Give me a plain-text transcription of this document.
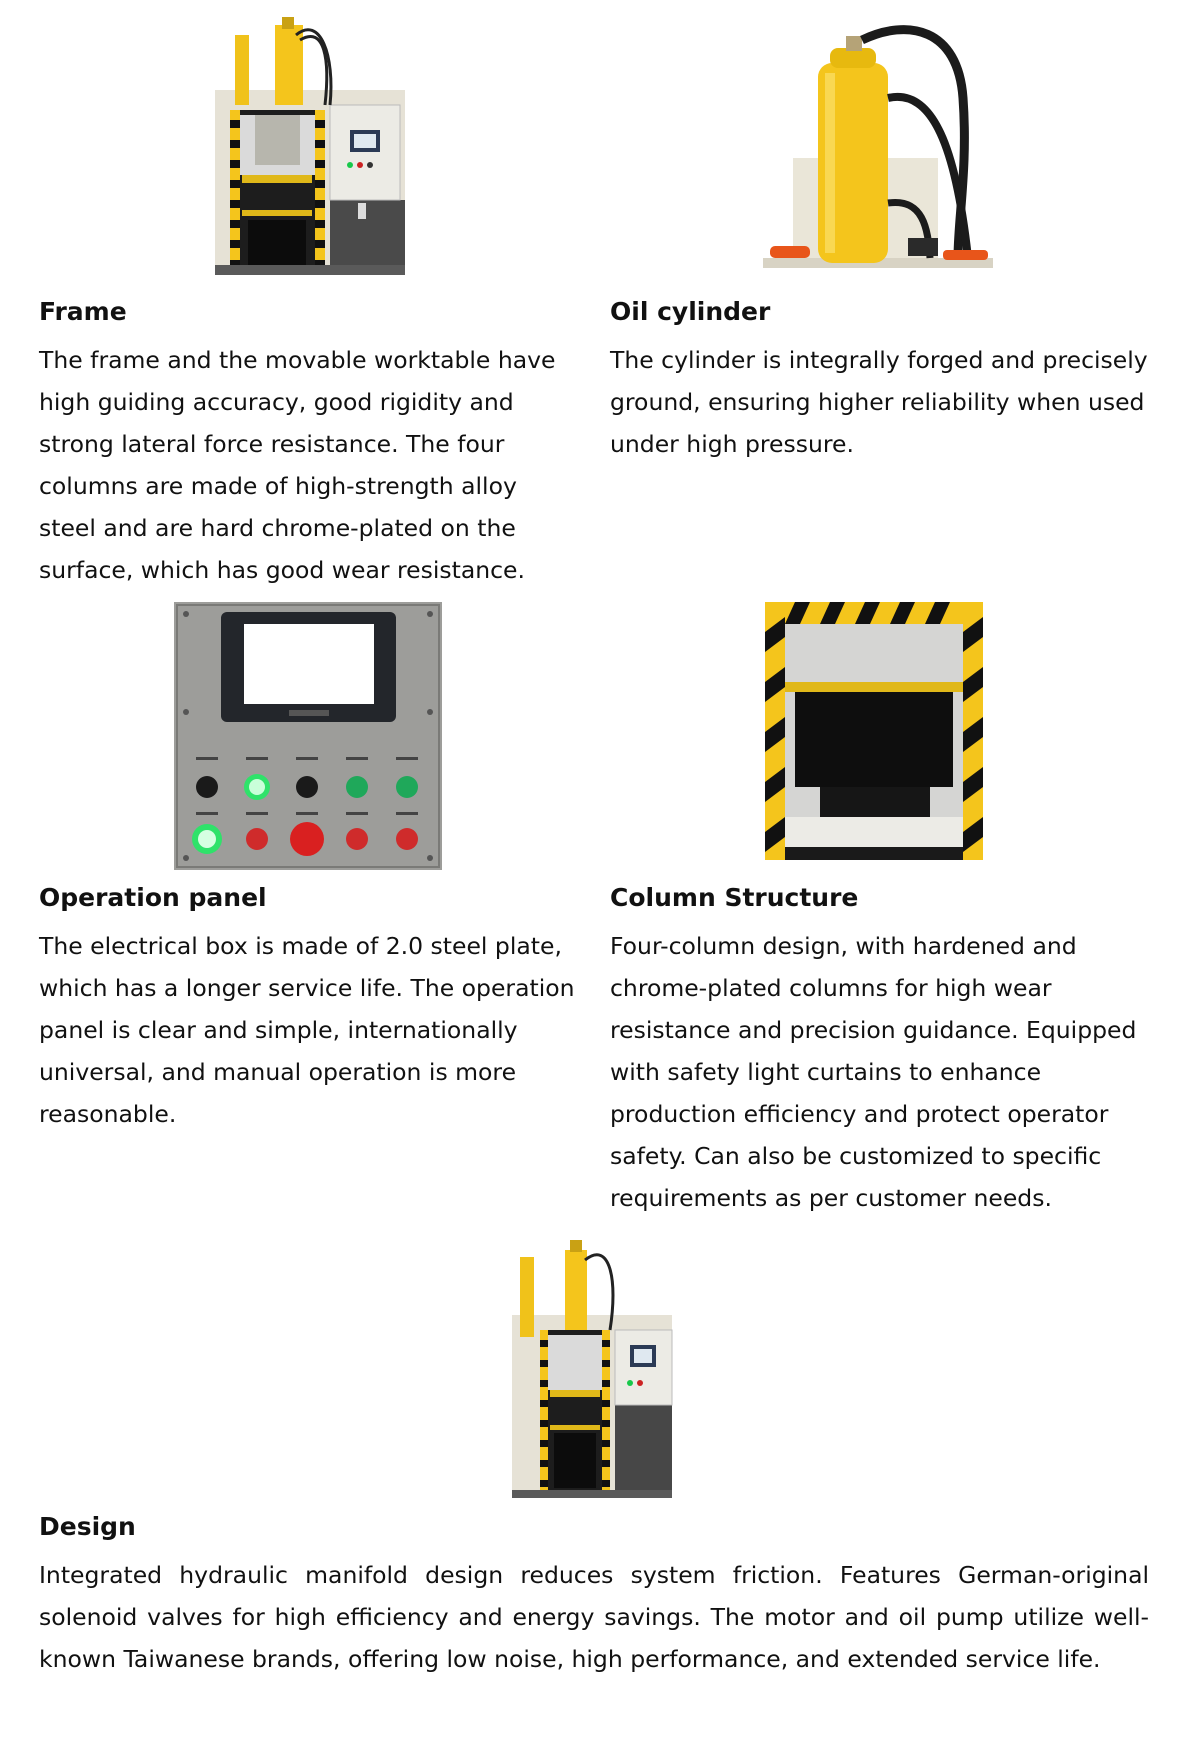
Frame

The frame and the movable worktable have high guiding accuracy, good rigidity and strong lateral force resistance. The four columns are made of high-strength alloy steel and are hard chrome-plated on the surface, which has good wear resistance.

Oil cylinder

The cylinder is integrally forged and precisely ground, ensuring higher reliability when used under high pressure.

Operation panel

The electrical box is made of 2.0 steel plate, which has a longer service life. The operation panel is clear and simple, internationally universal, and manual operation is more reasonable.

Column Structure

Four-column design, with hardened and chrome-plated columns for high wear resistance and precision guidance. Equipped with safety light curtains to enhance production efficiency and protect operator safety. Can also be customized to specific requirements as per customer needs.

Design

Integrated hydraulic manifold design reduces system friction. Features German-original solenoid valves for high efficiency and energy savings. The motor and oil pump utilize well-known Taiwanese brands, offering low noise, high performance, and extended service life.
